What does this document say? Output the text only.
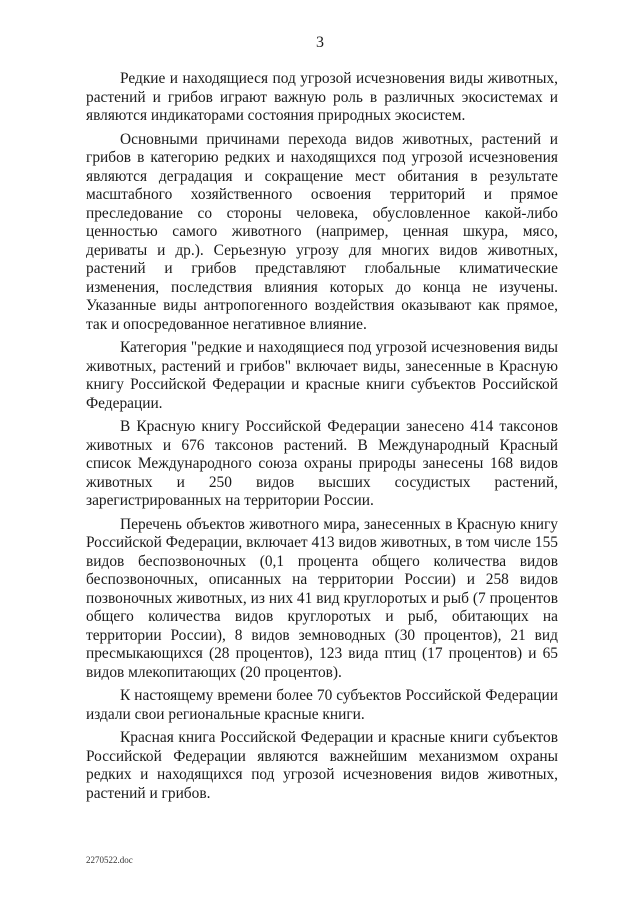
3

Редкие и находящиеся под угрозой исчезновения виды животных, растений и грибов играют важную роль в различных экосистемах и являются индикаторами состояния природных экосистем.

Основными причинами перехода видов животных, растений и грибов в категорию редких и находящихся под угрозой исчезновения являются деградация и сокращение мест обитания в результате масштабного хозяйственного освоения территорий и прямое преследование со стороны человека, обусловленное какой-либо ценностью самого животного (например, ценная шкура, мясо, дериваты и др.). Серьезную угрозу для многих видов животных, растений и грибов представляют глобальные климатические изменения, последствия влияния которых до конца не изучены. Указанные виды антропогенного воздействия оказывают как прямое, так и опосредованное негативное влияние.

Категория "редкие и находящиеся под угрозой исчезновения виды животных, растений и грибов" включает виды, занесенные в Красную книгу Российской Федерации и красные книги субъектов Российской Федерации.

В Красную книгу Российской Федерации занесено 414 таксонов животных и 676 таксонов растений. В Международный Красный список Международного союза охраны природы занесены 168 видов животных и 250 видов высших сосудистых растений, зарегистрированных на территории России.

Перечень объектов животного мира, занесенных в Красную книгу Российской Федерации, включает 413 видов животных, в том числе 155 видов беспозвоночных (0,1 процента общего количества видов беспозвоночных, описанных на территории России) и 258 видов позвоночных животных, из них 41 вид круглоротых и рыб (7 процентов общего количества видов круглоротых и рыб, обитающих на территории России), 8 видов земноводных (30 процентов), 21 вид пресмыкающихся (28 процентов), 123 вида птиц (17 процентов) и 65 видов млекопитающих (20 процентов).

К настоящему времени более 70 субъектов Российской Федерации издали свои региональные красные книги.

Красная книга Российской Федерации и красные книги субъектов Российской Федерации являются важнейшим механизмом охраны редких и находящихся под угрозой исчезновения видов животных, растений и грибов.

2270522.doc
